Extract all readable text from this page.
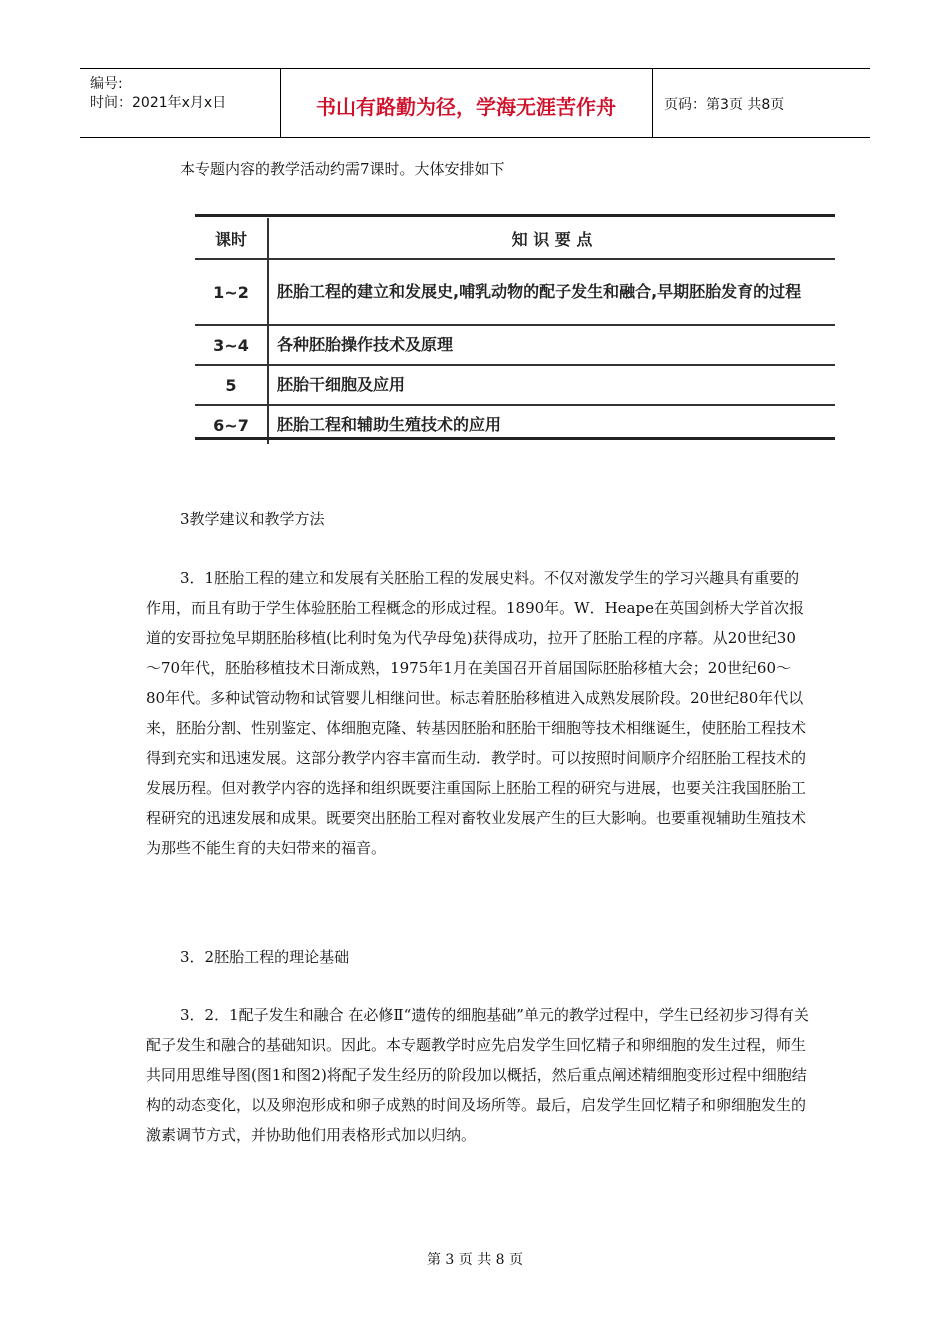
编号:
时间：2021年x月x日	书山有路勤为径，学海无涯苦作舟	页码：第3页 共8页
本专题内容的教学活动约需7课时。大体安排如下
课时	知 识 要 点
1~2	胚胎工程的建立和发展史,哺乳动物的配子发生和融合,早期胚胎发育的过程
3~4	各种胚胎操作技术及原理
5	胚胎干细胞及应用
6~7	胚胎工程和辅助生殖技术的应用
3教学建议和教学方法
3．1胚胎工程的建立和发展有关胚胎工程的发展史料。不仅对激发学生的学习兴趣具有重要的作用，而且有助于学生体验胚胎工程概念的形成过程。1890年。W．Heape在英国剑桥大学首次报道的安哥拉兔早期胚胎移植(比利时兔为代孕母兔)获得成功，拉开了胚胎工程的序幕。从20世纪30～70年代，胚胎移植技术日渐成熟，1975年1月在美国召开首届国际胚胎移植大会；20世纪60～80年代。多种试管动物和试管婴儿相继问世。标志着胚胎移植进入成熟发展阶段。20世纪80年代以来，胚胎分割、性别鉴定、体细胞克隆、转基因胚胎和胚胎干细胞等技术相继诞生，使胚胎工程技术得到充实和迅速发展。这部分教学内容丰富而生动．教学时。可以按照时间顺序介绍胚胎工程技术的发展历程。但对教学内容的选择和组织既要注重国际上胚胎工程的研究与进展，也要关注我国胚胎工程研究的迅速发展和成果。既要突出胚胎工程对畜牧业发展产生的巨大影响。也要重视辅助生殖技术为那些不能生育的夫妇带来的福音。
3．2胚胎工程的理论基础
3．2．1配子发生和融合 在必修Ⅱ“遗传的细胞基础”单元的教学过程中，学生已经初步习得有关配子发生和融合的基础知识。因此。本专题教学时应先启发学生回忆精子和卵细胞的发生过程，师生共同用思维导图(图1和图2)将配子发生经历的阶段加以概括，然后重点阐述精细胞变形过程中细胞结构的动态变化，以及卵泡形成和卵子成熟的时间及场所等。最后，启发学生回忆精子和卵细胞发生的激素调节方式，并协助他们用表格形式加以归纳。
第 3 页 共 8 页
